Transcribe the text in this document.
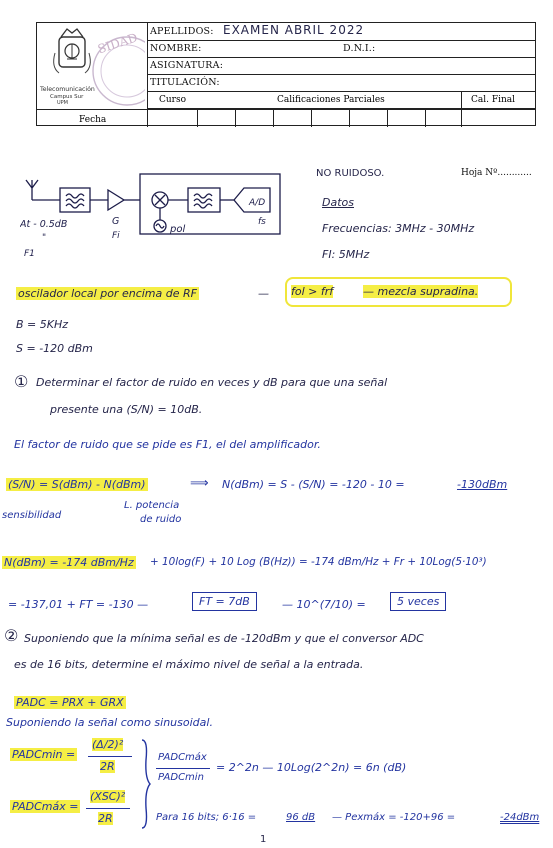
SIDAD
Telecomunicación
Campus Sur
UPM
APELLIDOS: EXAMEN ABRIL 2022
NOMBRE:	D.N.I.:
ASIGNATURA:
TITULACIÓN:
Fecha
Curso	Calificaciones Parciales	Cal. Final
Hoja Nº............
A/D
fs
pol
At - 0.5dB
"
F1
G
Fi
NO RUIDOSO.
Datos
Frecuencias: 3MHz - 30MHz
FI: 5MHz
oscilador local por encima de RF	— fol > frf	— mezcla supradina.
B = 5KHz
S = -120 dBm
① Determinar el factor de ruido en veces y dB para que una señal
presente una (S/N) = 10dB.
El factor de ruido que se pide es F1, el del amplificador.
(S/N) = S(dBm) - N(dBm)	⟹ N(dBm) = S - (S/N) = -120 - 10 =	-130dBm
sensibilidad
L. potencia
de ruido
N(dBm) = -174 dBm/Hz + 10log(F) + 10 Log (B(Hz)) = -174 dBm/Hz + Fr + 10Log(5·10³)
= -137,01 + FT = -130 —	FT = 7dB	— 10^(7/10) =	5 veces
② Suponiendo que la mínima señal es de -120dBm y que el conversor ADC
es de 16 bits, determine el máximo nivel de señal a la entrada.
PADC = PRX + GRX
Suponiendo la señal como sinusoidal.
PADCmin =
(Δ/2)²
2R
PADCmáx =
(XSC)²
2R
PADCmáx
PADCmin
= 2^2n — 10Log(2^2n) = 6n (dB)
Para 16 bits; 6·16 =	96 dB — Pexmáx = -120+96 =	-24dBm
1
